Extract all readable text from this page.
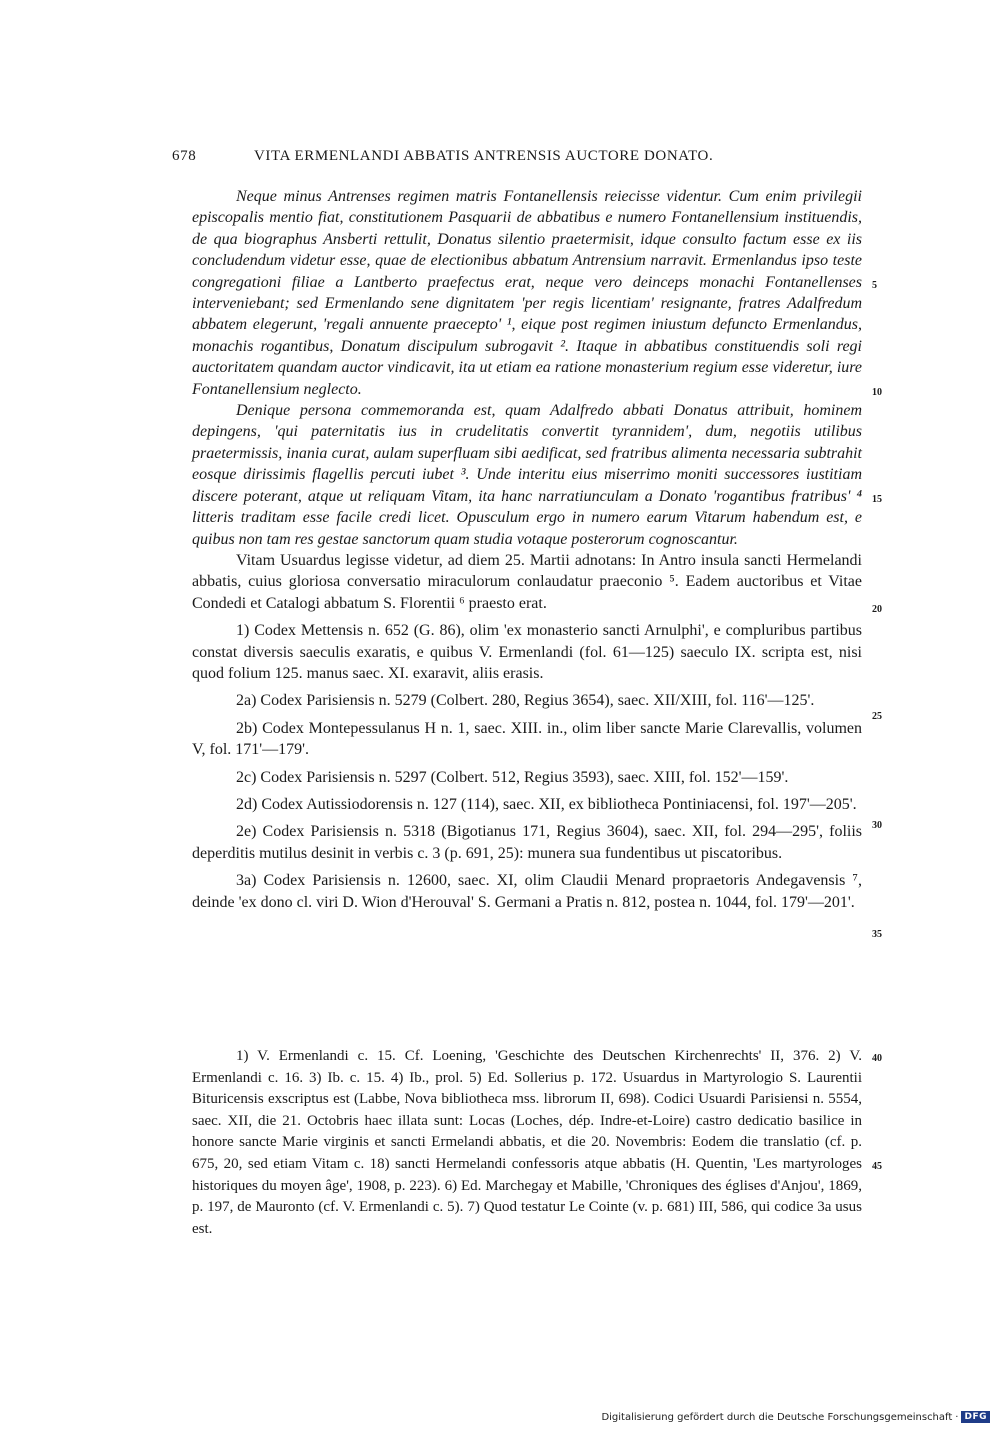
678	VITA ERMENLANDI ABBATIS ANTRENSIS AUCTORE DONATO.

Neque minus Antrenses regimen matris Fontanellensis reiecisse videntur. Cum enim privilegii episcopalis mentio fiat, constitutionem Pasquarii de abbatibus e numero Fontanellensium instituendis, de qua biographus Ansberti rettulit, Donatus silentio praetermisit, idque consulto factum esse ex iis concludendum videtur esse, quae de electionibus abbatum Antrensium narravit. Ermenlandus ipso teste congregationi filiae a Lantberto praefectus erat, neque vero deinceps monachi Fontanellenses interveniebant; sed Ermenlando sene dignitatem 'per regis licentiam' resignante, fratres Adalfredum abbatem elegerunt, 'regali annuente praecepto' ¹, eique post regimen iniustum defuncto Ermenlandus, monachis rogantibus, Donatum discipulum subrogavit ². Itaque in abbatibus constituendis soli regi auctoritatem quandam auctor vindicavit, ita ut etiam ea ratione monasterium regium esse videretur, iure Fontanellensium neglecto.

Denique persona commemoranda est, quam Adalfredo abbati Donatus attribuit, hominem depingens, 'qui paternitatis ius in crudelitatis convertit tyrannidem', dum, negotiis utilibus praetermissis, inania curat, aulam superfluam sibi aedificat, sed fratribus alimenta necessaria subtrahit eosque dirissimis flagellis percuti iubet ³. Unde interitu eius miserrimo moniti successores iustitiam discere poterant, atque ut reliquam Vitam, ita hanc narratiunculam a Donato 'rogantibus fratribus' ⁴ litteris traditam esse facile credi licet. Opusculum ergo in numero earum Vitarum habendum est, e quibus non tam res gestae sanctorum quam studia votaque posterorum cognoscantur.

Vitam Usuardus legisse videtur, ad diem 25. Martii adnotans: In Antro insula sancti Hermelandi abbatis, cuius gloriosa conversatio miraculorum conlaudatur praeconio ⁵. Eadem auctoribus et Vitae Condedi et Catalogi abbatum S. Florentii ⁶ praesto erat.

1) Codex Mettensis n. 652 (G. 86), olim 'ex monasterio sancti Arnulphi', e compluribus partibus constat diversis saeculis exaratis, e quibus V. Ermenlandi (fol. 61—125) saeculo IX. scripta est, nisi quod folium 125. manus saec. XI. exaravit, aliis erasis.

2a) Codex Parisiensis n. 5279 (Colbert. 280, Regius 3654), saec. XII/XIII, fol. 116'—125'.

2b) Codex Montepessulanus H n. 1, saec. XIII. in., olim liber sancte Marie Clarevallis, volumen V, fol. 171'—179'.

2c) Codex Parisiensis n. 5297 (Colbert. 512, Regius 3593), saec. XIII, fol. 152'—159'.

2d) Codex Autissiodorensis n. 127 (114), saec. XII, ex bibliotheca Pontiniacensi, fol. 197'—205'.

2e) Codex Parisiensis n. 5318 (Bigotianus 171, Regius 3604), saec. XII, fol. 294—295', foliis deperditis mutilus desinit in verbis c. 3 (p. 691, 25): munera sua fundentibus ut piscatoribus.

3a) Codex Parisiensis n. 12600, saec. XI, olim Claudii Menard propraetoris Andegavensis ⁷, deinde 'ex dono cl. viri D. Wion d'Herouval' S. Germani a Pratis n. 812, postea n. 1044, fol. 179'—201'.

5
10
15
20
25
30
35
40
45

1) V. Ermenlandi c. 15. Cf. Loening, 'Geschichte des Deutschen Kirchenrechts' II, 376. 2) V. Ermenlandi c. 16. 3) Ib. c. 15. 4) Ib., prol. 5) Ed. Sollerius p. 172. Usuardus in Martyrologio S. Laurentii Bituricensis exscriptus est (Labbe, Nova bibliotheca mss. librorum II, 698). Codici Usuardi Parisiensi n. 5554, saec. XII, die 21. Octobris haec illata sunt: Locas (Loches, dép. Indre-et-Loire) castro dedicatio basilice in honore sancte Marie virginis et sancti Ermelandi abbatis, et die 20. Novembris: Eodem die translatio (cf. p. 675, 20, sed etiam Vitam c. 18) sancti Hermelandi confessoris atque abbatis (H. Quentin, 'Les martyrologes historiques du moyen âge', 1908, p. 223). 6) Ed. Marchegay et Mabille, 'Chroniques des églises d'Anjou', 1869, p. 197, de Mauronto (cf. V. Ermenlandi c. 5). 7) Quod testatur Le Cointe (v. p. 681) III, 586, qui codice 3a usus est.

Digitalisierung gefördert durch die Deutsche Forschungsgemeinschaft · DFG
